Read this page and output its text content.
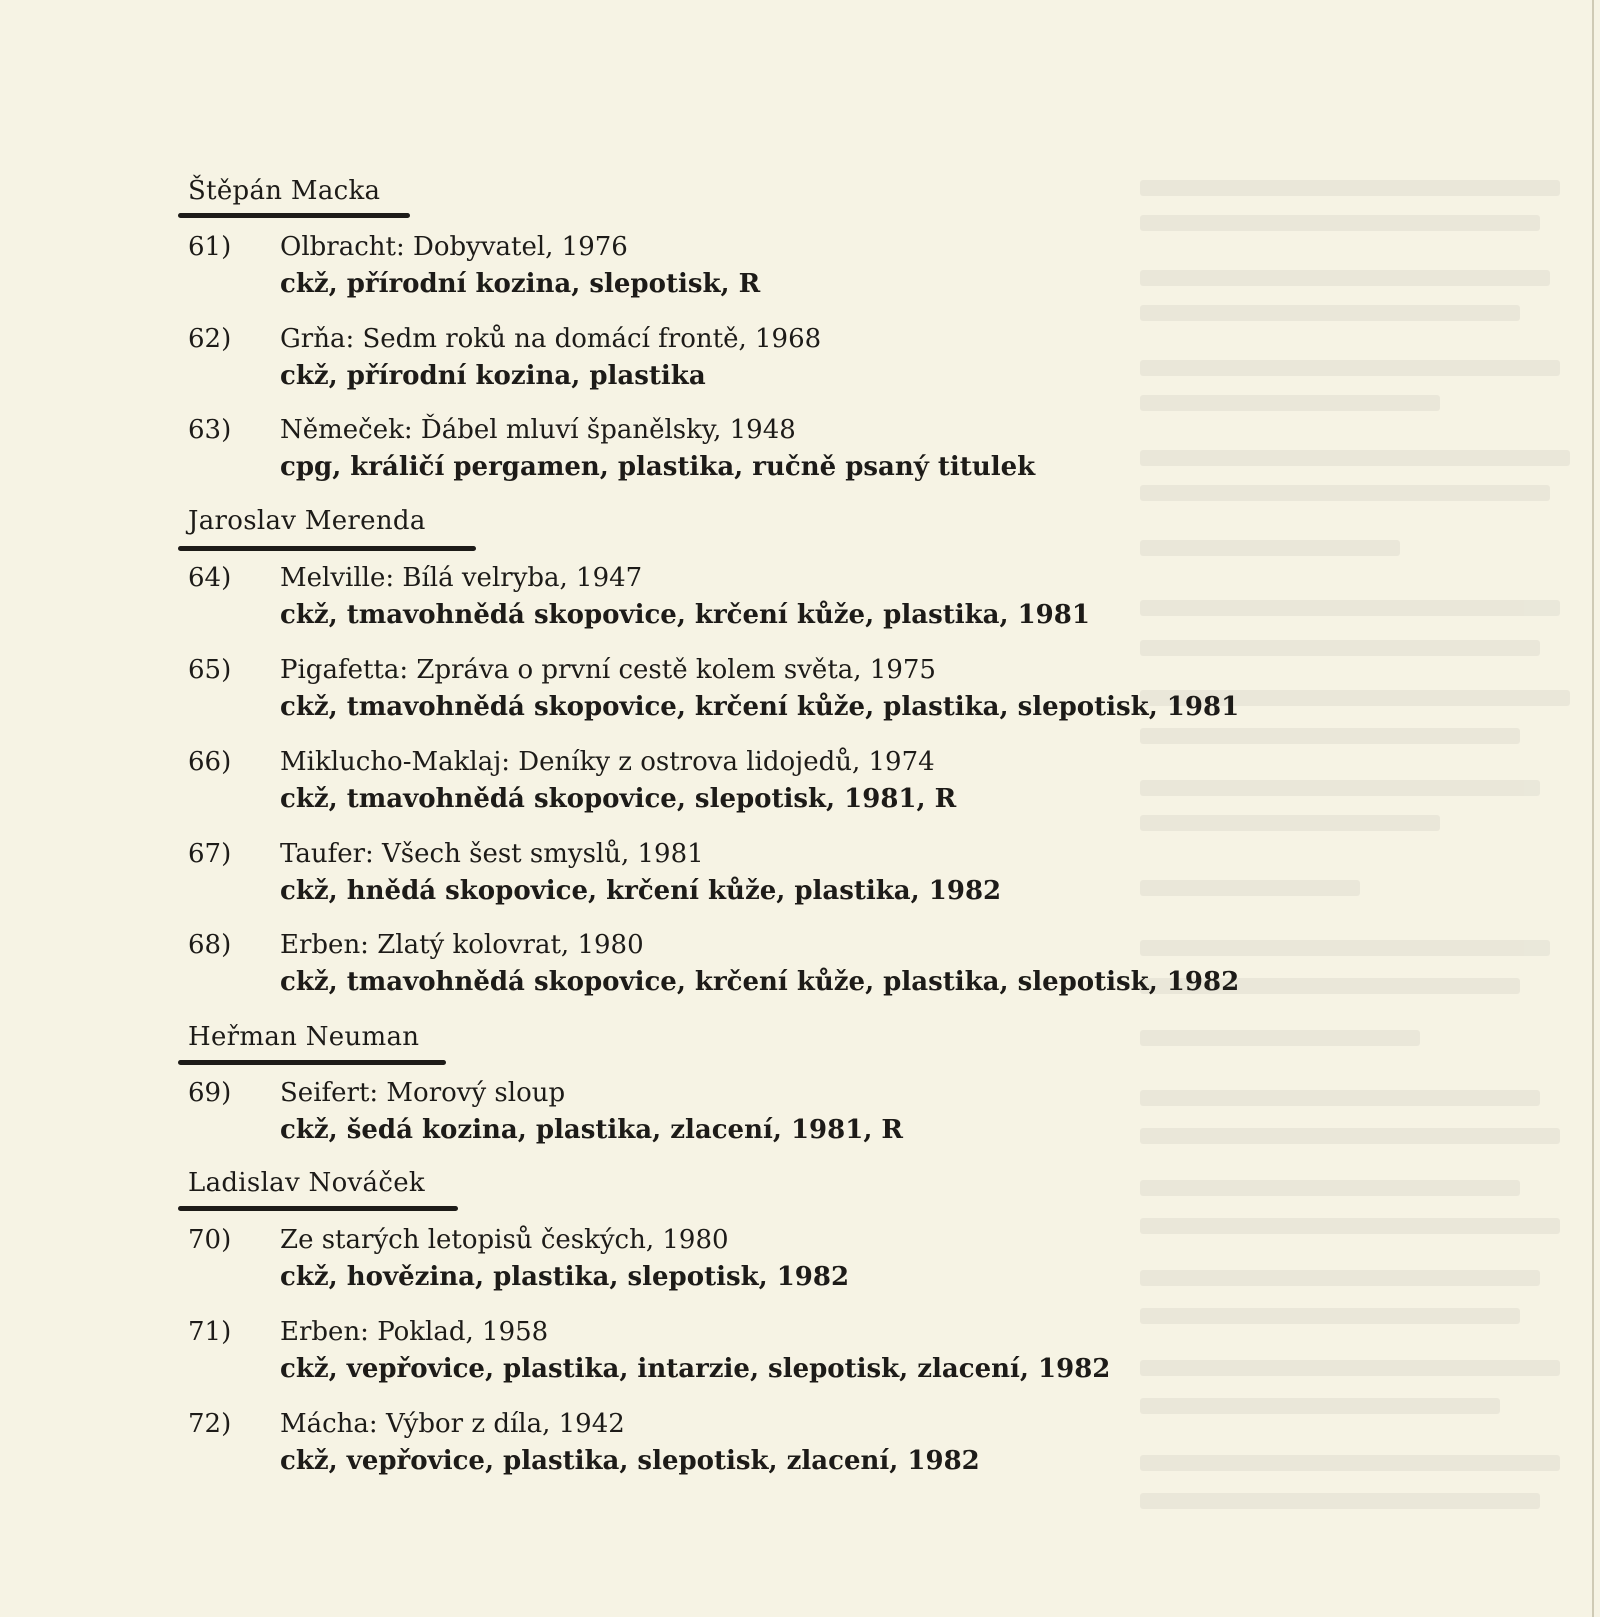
Štěpán Macka
61) Olbracht: Dobyvatel, 1976
ckž, přírodní kozina, slepotisk, R
62) Grňa: Sedm roků na domácí frontě, 1968
ckž, přírodní kozina, plastika
63) Němeček: Ďábel mluví španělsky, 1948
cpg, králičí pergamen, plastika, ručně psaný titulek
Jaroslav Merenda
64) Melville: Bílá velryba, 1947
ckž, tmavohnědá skopovice, krčení kůže, plastika, 1981
65) Pigafetta: Zpráva o první cestě kolem světa, 1975
ckž, tmavohnědá skopovice, krčení kůže, plastika, slepotisk, 1981
66) Miklucho-Maklaj: Deníky z ostrova lidojedů, 1974
ckž, tmavohnědá skopovice, slepotisk, 1981, R
67) Taufer: Všech šest smyslů, 1981
ckž, hnědá skopovice, krčení kůže, plastika, 1982
68) Erben: Zlatý kolovrat, 1980
ckž, tmavohnědá skopovice, krčení kůže, plastika, slepotisk, 1982
Heřman Neuman
69) Seifert: Morový sloup
ckž, šedá kozina, plastika, zlacení, 1981, R
Ladislav Nováček
70) Ze starých letopisů českých, 1980
ckž, hovězina, plastika, slepotisk, 1982
71) Erben: Poklad, 1958
ckž, vepřovice, plastika, intarzie, slepotisk, zlacení, 1982
72) Mácha: Výbor z díla, 1942
ckž, vepřovice, plastika, slepotisk, zlacení, 1982
